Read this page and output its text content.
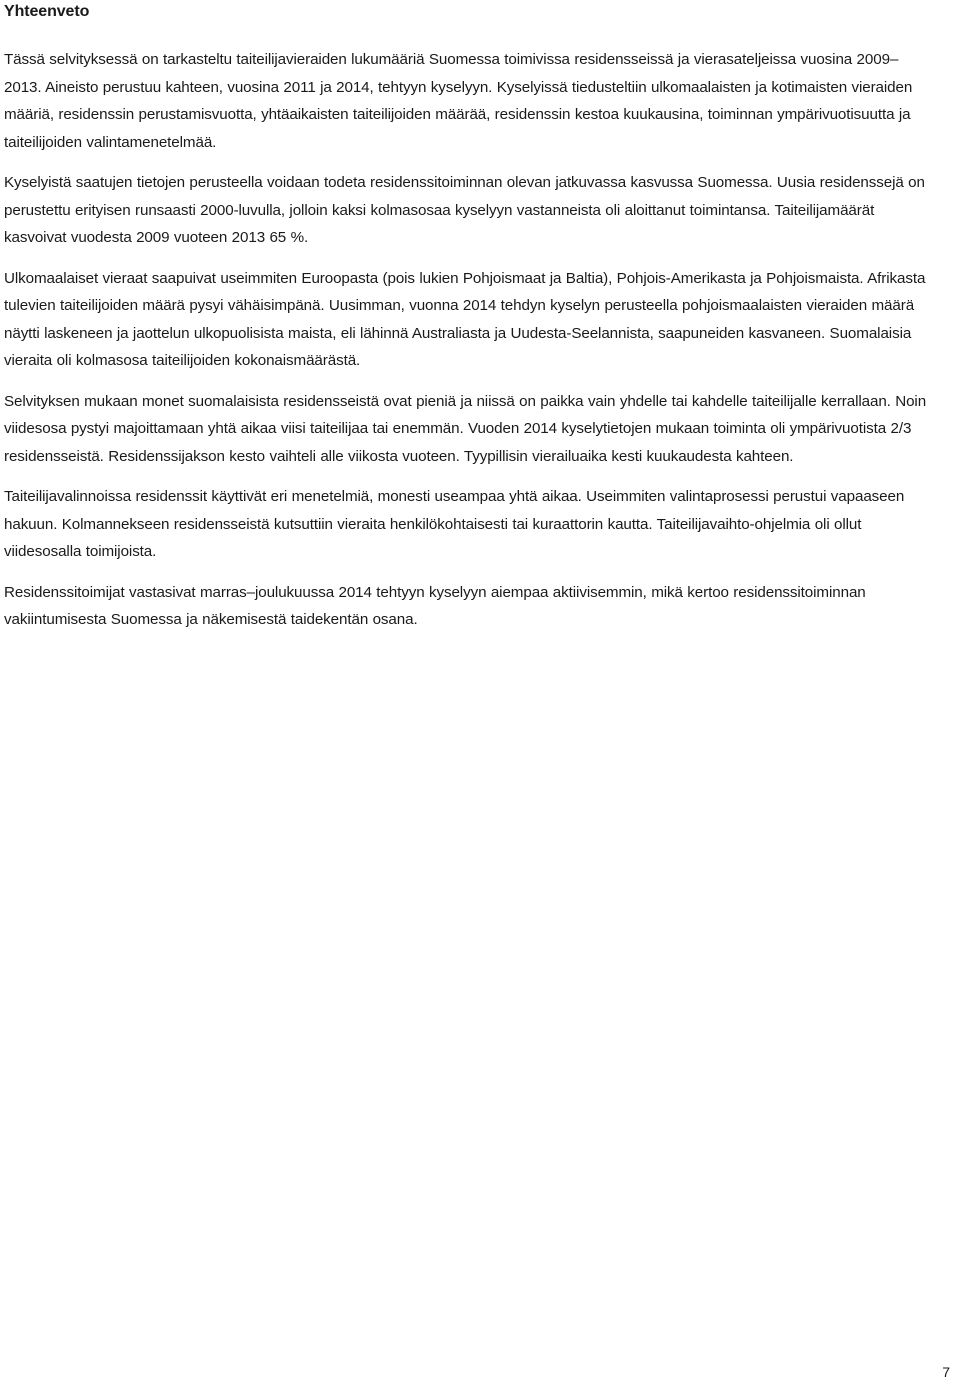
Yhteenveto

Tässä selvityksessä on tarkasteltu taiteilijavieraiden lukumääriä Suomessa toimivissa residensseissä ja vierasateljeissa vuosina 2009–2013. Aineisto perustuu kahteen, vuosina 2011 ja 2014, tehtyyn kyselyyn. Kyselyissä tiedusteltiin ulkomaalaisten ja kotimaisten vieraiden määriä, residenssin perustamisvuotta, yhtäaikaisten taiteilijoiden määrää, residenssin kestoa kuukausina, toiminnan ympärivuotisuutta ja taiteilijoiden valintamenetelmää.

Kyselyistä saatujen tietojen perusteella voidaan todeta residenssitoiminnan olevan jatkuvassa kasvussa Suomessa. Uusia residenssejä on perustettu erityisen runsaasti 2000-luvulla, jolloin kaksi kolmasosaa kyselyyn vastanneista oli aloittanut toimintansa. Taiteilijamäärät kasvoivat vuodesta 2009 vuoteen 2013 65 %.

Ulkomaalaiset vieraat saapuivat useimmiten Euroopasta (pois lukien Pohjoismaat ja Baltia), Pohjois-Amerikasta ja Pohjoismaista. Afrikasta tulevien taiteilijoiden määrä pysyi vähäisimpänä. Uusimman, vuonna 2014 tehdyn kyselyn perusteella pohjoismaalaisten vieraiden määrä näytti laskeneen ja jaottelun ulkopuolisista maista, eli lähinnä Australiasta ja Uudesta-Seelannista, saapuneiden kasvaneen. Suomalaisia vieraita oli kolmasosa taiteilijoiden kokonaismäärästä.

Selvityksen mukaan monet suomalaisista residensseistä ovat pieniä ja niissä on paikka vain yhdelle tai kahdelle taiteilijalle kerrallaan. Noin viidesosa pystyi majoittamaan yhtä aikaa viisi taiteilijaa tai enemmän. Vuoden 2014 kyselytietojen mukaan toiminta oli ympärivuotista 2/3 residensseistä. Residenssijakson kesto vaihteli alle viikosta vuoteen. Tyypillisin vierailuaika kesti kuukaudesta kahteen.

Taiteilijavalinnoissa residenssit käyttivät eri menetelmiä, monesti useampaa yhtä aikaa. Useimmiten valintaprosessi perustui vapaaseen hakuun. Kolmannekseen residensseistä kutsuttiin vieraita henkilökohtaisesti tai kuraattorin kautta. Taiteilijavaihto-ohjelmia oli ollut viidesosalla toimijoista.

Residenssitoimijat vastasivat marras–joulukuussa 2014 tehtyyn kyselyyn aiempaa aktiivisemmin, mikä kertoo residenssitoiminnan vakiintumisesta Suomessa ja näkemisestä taidekentän osana.

7
